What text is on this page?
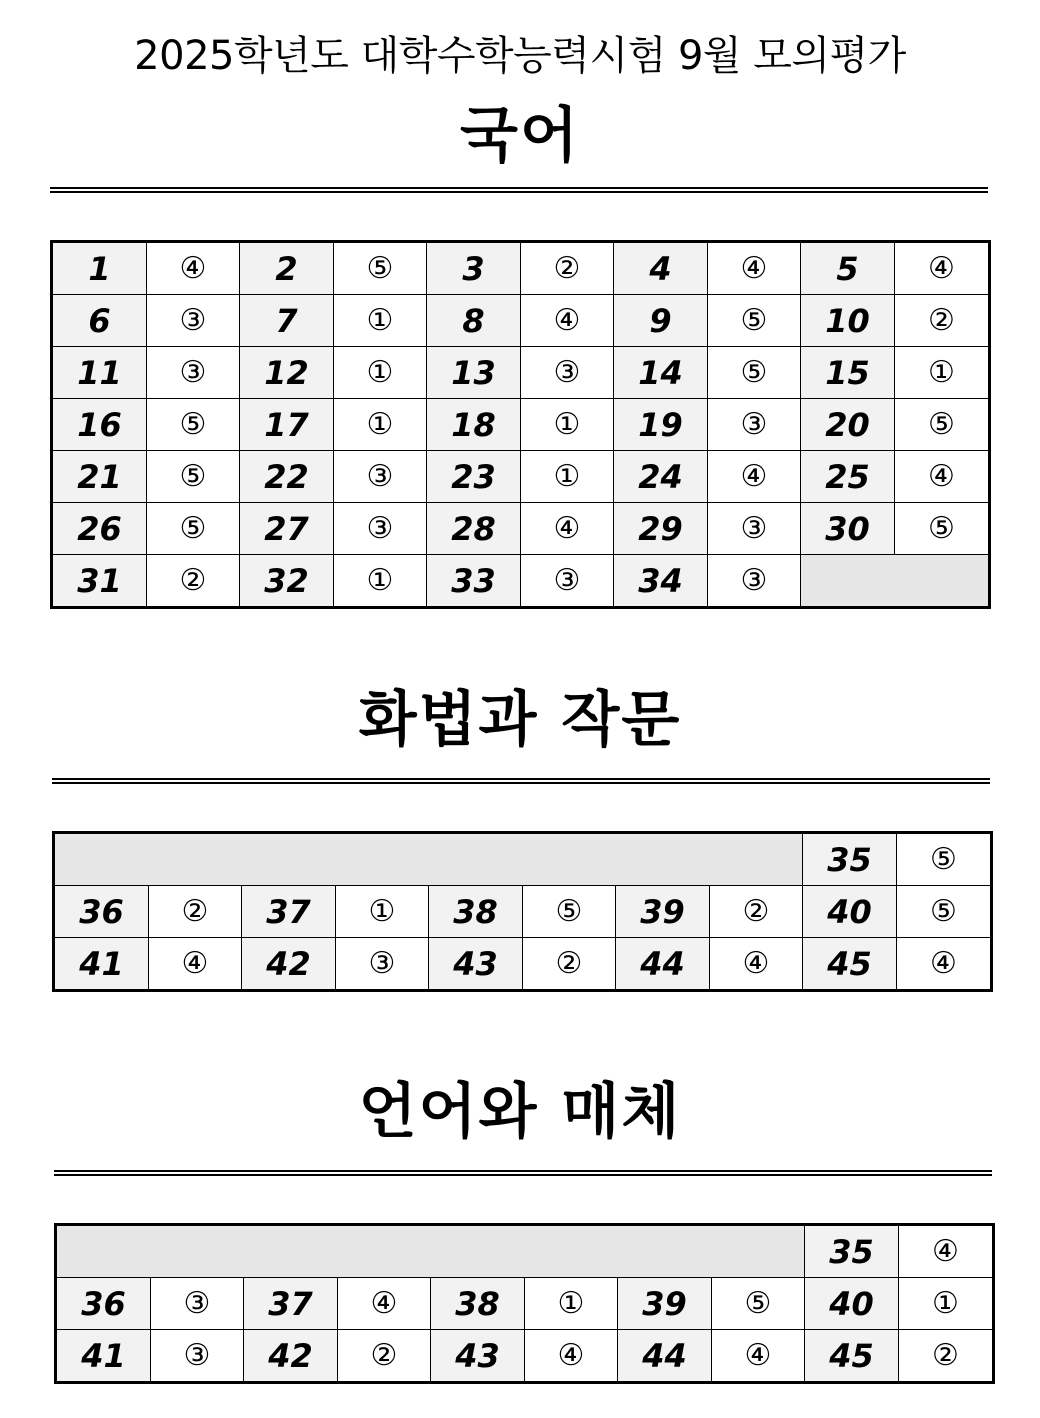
2025학년도 대학수학능력시험 9월 모의평가
국어
1	④	2	⑤	3	②	4	④	5	④
6	③	7	①	8	④	9	⑤	10	②
11	③	12	①	13	③	14	⑤	15	①
16	⑤	17	①	18	①	19	③	20	⑤
21	⑤	22	③	23	①	24	④	25	④
26	⑤	27	③	28	④	29	③	30	⑤
31	②	32	①	33	③	34	③		
화법과 작문
								35	⑤
36	②	37	①	38	⑤	39	②	40	⑤
41	④	42	③	43	②	44	④	45	④
언어와 매체
								35	④
36	③	37	④	38	①	39	⑤	40	①
41	③	42	②	43	④	44	④	45	②
